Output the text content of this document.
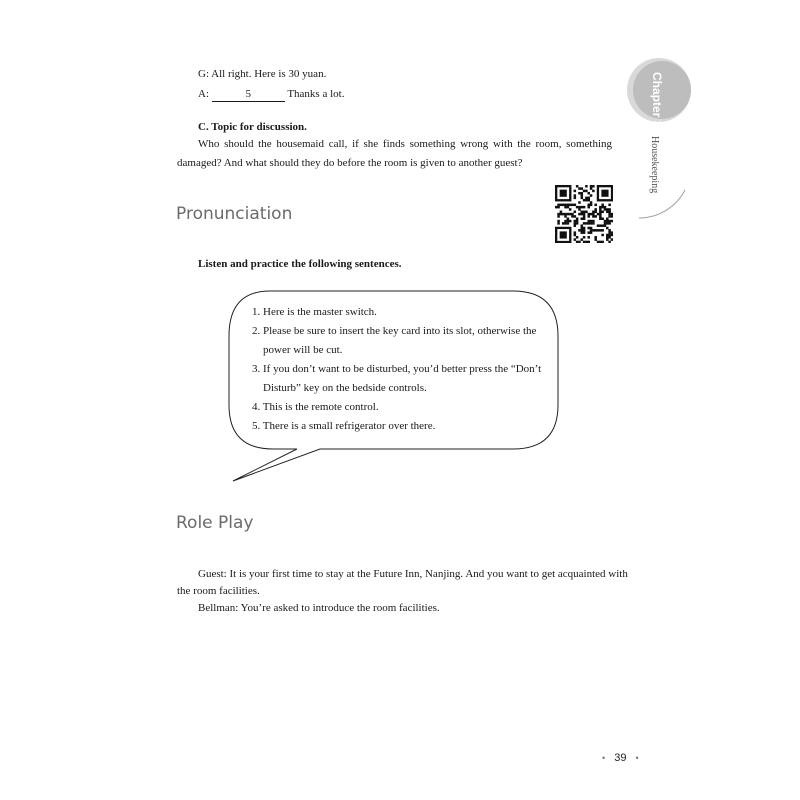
G: All right. Here is 30 yuan.
A:	5	Thanks a lot.
C. Topic for discussion.
Who should the housemaid call, if she finds something wrong with the room, something damaged? And what should they do before the room is given to another guest?
Chapter 3
Housekeeping
Pronunciation
Listen and practice the following sentences.
1. Here is the master switch.
2. Please be sure to insert the key card into its slot, otherwise the
power will be cut.
3. If you don’t want to be disturbed, you’d better press the “Don’t
Disturb” key on the bedside controls.
4. This is the remote control.
5. There is a small refrigerator over there.
Role Play
Guest: It is your first time to stay at the Future Inn, Nanjing. And you want to get acquainted with
the room facilities.
Bellman: You’re asked to introduce the room facilities.
• 39 •
